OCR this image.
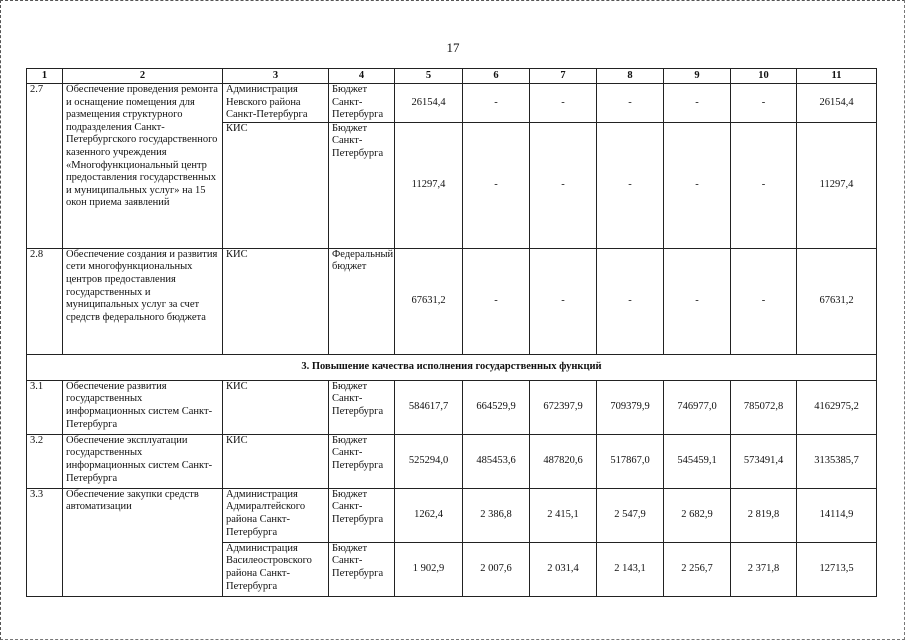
17
1	2	3	4	5	6	7	8	9	10	11
2.7	Обеспечение проведения ремонта и оснащение помещения для размещения структурного подразделения Санкт-Петербургского государственного казенного учреждения «Многофункциональный центр предоставления государственных и муниципальных услуг» на 15 окон приема заявлений	Администрация Невского района Санкт-Петербурга	Бюджет Санкт-Петербурга	26154,4	-	-	-	-	-	26154,4
		КИС	Бюджет Санкт-Петербурга	11297,4	-	-	-	-	-	11297,4
2.8	Обеспечение создания и развития сети многофункциональных центров предоставления государственных и муниципальных услуг за счет средств федерального бюджета	КИС	Федеральный бюджет	67631,2	-	-	-	-	-	67631,2
3. Повышение качества исполнения государственных функций										
3.1	Обеспечение развития государственных информационных систем Санкт-Петербурга	КИС	Бюджет Санкт-Петербурга	584617,7	664529,9	672397,9	709379,9	746977,0	785072,8	4162975,2
3.2	Обеспечение эксплуатации государственных информационных систем Санкт-Петербурга	КИС	Бюджет Санкт-Петербурга	525294,0	485453,6	487820,6	517867,0	545459,1	573491,4	3135385,7
3.3	Обеспечение закупки средств автоматизации	Администрация Адмиралтейского района Санкт-Петербурга	Бюджет Санкт-Петербурга	1262,4	2 386,8	2 415,1	2 547,9	2 682,9	2 819,8	14114,9
		Администрация Василеостровского района Санкт-Петербурга	Бюджет Санкт-Петербурга	1 902,9	2 007,6	2 031,4	2 143,1	2 256,7	2 371,8	12713,5
